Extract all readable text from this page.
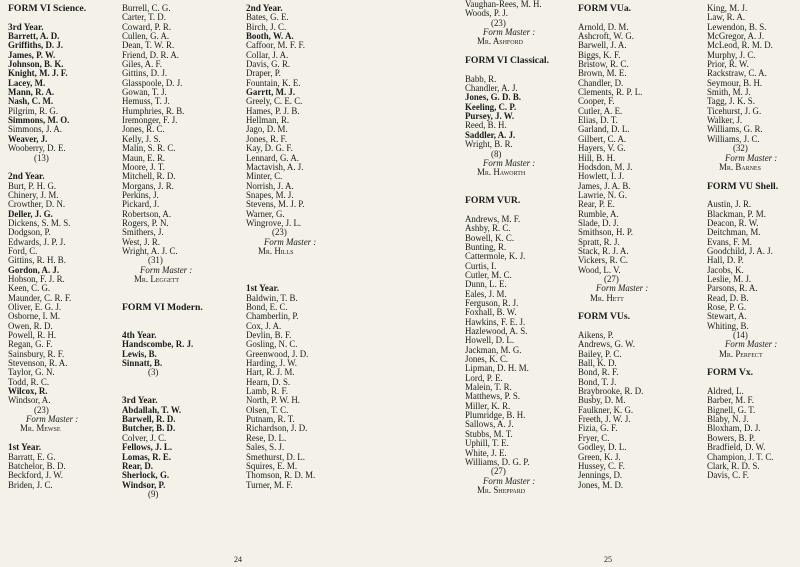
FORM VI Science.
3rd Year.
Barrett, A. D.
Griffiths, D. J.
James, P. W.
Johnson, B. K.
Knight, M. J. F.
Lacey, M.
Mann, R. A.
Nash, C. M.
Pilgrim, R. G.
Simmons, M. O.
Simmons, J. A.
Weaver, J.
Wooberry, D. E.
(13)
2nd Year.
Burt, P. H. G.
Chinery, J. M.
Crowther, D. N.
Deller, J. G.
Dickens, S. M. S.
Dodgson, P.
Edwards, J. P. J.
Ford, C.
Gittins, R. H. B.
Gordon, A. J.
Hobson, F. J. R.
Keen, C. G.
Maunder, C. R. F.
Oliver, E. G. J.
Osborne, I. M.
Owen, R. D.
Powell, R. H.
Regan, G. F.
Sainsbury, R. F.
Stevenson, R. A.
Taylor, G. N.
Todd, R. C.
Wilcox, R.
Windsor, A.
(23)
Form Master :
Mr. Mewse
1st Year.
Barratt, E. G.
Batchelor, B. D.
Beckford, J. W.
Briden, J. C.
Burrell, C. G.
Carter, T. D.
Coward, P. R.
Cullen, G. A.
Dean, T. W. R.
Friend, D. R. A.
Giles, A. F.
Gittins, D. J.
Glasspoole, D. J.
Gowan, T. J.
Hemuss, T. J.
Humphries, R. B.
Iremonger, F. J.
Jones, R. C.
Kelly, J. S.
Malin, S. R. C.
Maun, E. R.
Moore, J. T.
Mitchell, R. D.
Morgans, J. R.
Perkins, J.
Pickard, J.
Robertson, A.
Rogers, P. N.
Smithers, J.
West, J. R.
Wright, A. J. C.
(31)
Form Master :
Mr. Leggett
FORM VI Modern.
4th Year.
Handscombe, R. J.
Lewis, B.
Sinnatt, B.
(3)
3rd Year.
Abdallah, T. W.
Barwell, R. D.
Butcher, B. D.
Colver, J. C.
Fellows, J. L.
Lomas, R. E.
Rear, D.
Sherlock, G.
Windsor, P.
(9)
2nd Year.
Bates, G. E.
Birch, J. C.
Booth, W. A.
Caffoor, M. F. F.
Collar, J. A.
Davis, G. R.
Draper, P.
Fountain, K. E.
Garrtt, M. J.
Greely, C. E. C.
Hames, P. J. B.
Hellman, R.
Jago, D. M.
Jones, R. F.
Kay, D. G. F.
Lennard, G. A.
Mactavish, A. J.
Minter, C.
Norrish, J. A.
Snapes, M. J.
Stevens, M. J. P.
Warner, G.
Wingrove, J. L.
(23)
Form Master :
Mr. Hills
1st Year.
Baldwin, T. B.
Bond, E. C.
Chamberlin, P.
Cox, J. A.
Devlin, B. F.
Gosling, N. C.
Greenwood, J. D.
Harding, J. W.
Hart, R. J. M.
Hearn, D. S.
Lamb, R. F.
North, P. W. H.
Olsen, T. C.
Putnam, R. T.
Richardson, J. D.
Rese, D. L.
Sales, S. J.
Smethurst, D. L.
Squires, E. M.
Thomson, R. D. M.
Turner, M. F.
24
Vaughan-Rees, M. H.
Woods, P. J.
(23)
Form Master :
Mr. Ashford
FORM VI Classical.
Babb, R.
Chandler, A. J.
Jones, G. D. B.
Keeling, C. P.
Pursey, J. W.
Reed, B. H.
Saddler, A. J.
Wright, B. R.
(8)
Form Master :
Mr. Haworth
FORM VUR.
Andrews, M. F.
Ashby, R. C.
Bowell, K. C.
Bunting, R.
Cattermole, K. J.
Curtis, I.
Cutler, M. C.
Dunn, L. E.
Eales, J. M.
Ferguson, R. J.
Foxhall, B. W.
Hawkins, F. E. J.
Hazlewood, A. S.
Howell, D. L.
Jackman, M. G.
Jones, K. C.
Lipman, D. H. M.
Lord, P. E.
Malein, T. R.
Matthews, P. S.
Miller, K. R.
Plumridge, B. H.
Sallows, A. J.
Stubbs, M. T.
Uphill, T. E.
White, J. E.
Williams, D. G. P.
(27)
Form Master :
Mr. Sheppard
FORM VUa.
Arnold, D. M.
Ashcroft, W. G.
Barwell, J. A.
Biggs, K. F.
Bristow, R. C.
Brown, M. E.
Chandler, D.
Clements, R. P. L.
Cooper, F.
Cutler, A. E.
Elias, D. T.
Garland, D. L.
Gilbert, C. A.
Hayers, V. G.
Hill, B. H.
Hodsdon, M. J.
Howlett, I. J.
James, J. A. B.
Lawrie, N. G.
Rear, P. E.
Rumble, A.
Slade, D. J.
Smithson, H. P.
Spratt, R. J.
Stack, R. J. A.
Vickers, R. C.
Wood, L. V.
(27)
Form Master :
Mr. Hett
FORM VUs.
Aikens, P.
Andrews, G. W.
Bailey, P. C.
Ball, K. D.
Bond, R. F.
Bond, T. J.
Braybrooke, R. D.
Busby, D. M.
Faulkner, K. G.
Freeth, J. W. J.
Fizia, G. F.
Fryer, C.
Godley, D. L.
Green, K. J.
Hussey, C. F.
Jennings, D.
Jones, M. D.
King, M. J.
Law, R. A.
Lewendon, B. S.
McGregor, A. J.
McLeod, R. M. D.
Murphy, J. C.
Prior, R. W.
Rackstraw, C. A.
Seymour, B. H.
Smith, M. J.
Tagg, J. K. S.
Ticehurst, J. G.
Walker, J.
Williams, G. R.
Williams, J. C.
(32)
Form Master :
Mr. Barnes
FORM VU Shell.
Austin, J. R.
Blackman, P. M.
Deacon, R. W.
Deitchman, M.
Evans, F. M.
Goodchild, J. A. J.
Hall, D. P.
Jacobs, K.
Leslie, M. J.
Parsons, R. A.
Read, D. B.
Rose, P. G.
Stewart, A.
Whiting, B.
(14)
Form Master :
Mr. Perfect
FORM Vx.
Aldred, L.
Barber, M. F.
Bignell, G. T.
Blaby, N. J.
Bloxham, D. J.
Bowers, B. P.
Bradfield, D. W.
Champion, J. T. C.
Clark, R. D. S.
Davis, C. F.
25
